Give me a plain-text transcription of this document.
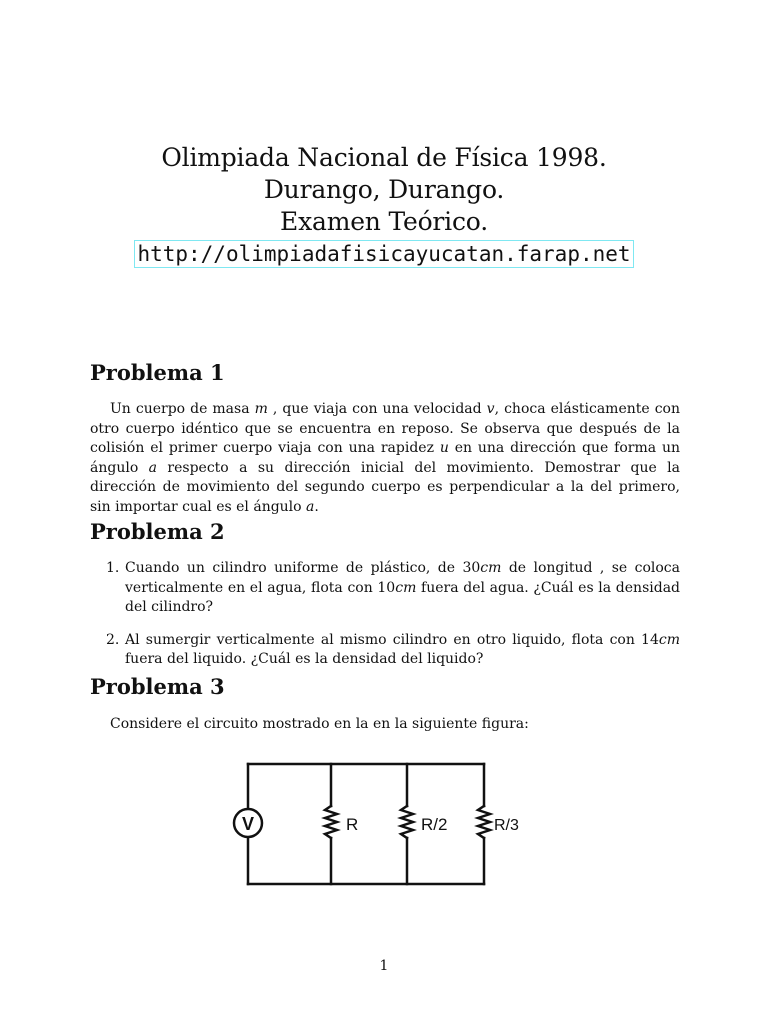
Olimpiada Nacional de Física 1998.
Durango, Durango.
Examen Teórico.
http://olimpiadafisicayucatan.farap.net
Problema 1

Un cuerpo de masa m , que viaja con una velocidad v, choca elásticamente con otro cuerpo idéntico que se encuentra en reposo. Se observa que después de la colisión el primer cuerpo viaja con una rapidez u en una dirección que forma un ángulo a respecto a su dirección inicial del movimiento. Demostrar que la dirección de movimiento del segundo cuerpo es perpendicular a la del primero, sin importar cual es el ángulo a.

Problema 2
1. Cuando un cilindro uniforme de plástico, de 30cm de longitud , se coloca verticalmente en el agua, flota con 10cm fuera del agua. ¿Cuál es la densidad del cilindro?
2. Al sumergir verticalmente al mismo cilindro en otro liquido, flota con 14cm fuera del liquido. ¿Cuál es la densidad del liquido?
Problema 3

Considere el circuito mostrado en la en la siguiente figura:

V	R	R/2	R/3
1
